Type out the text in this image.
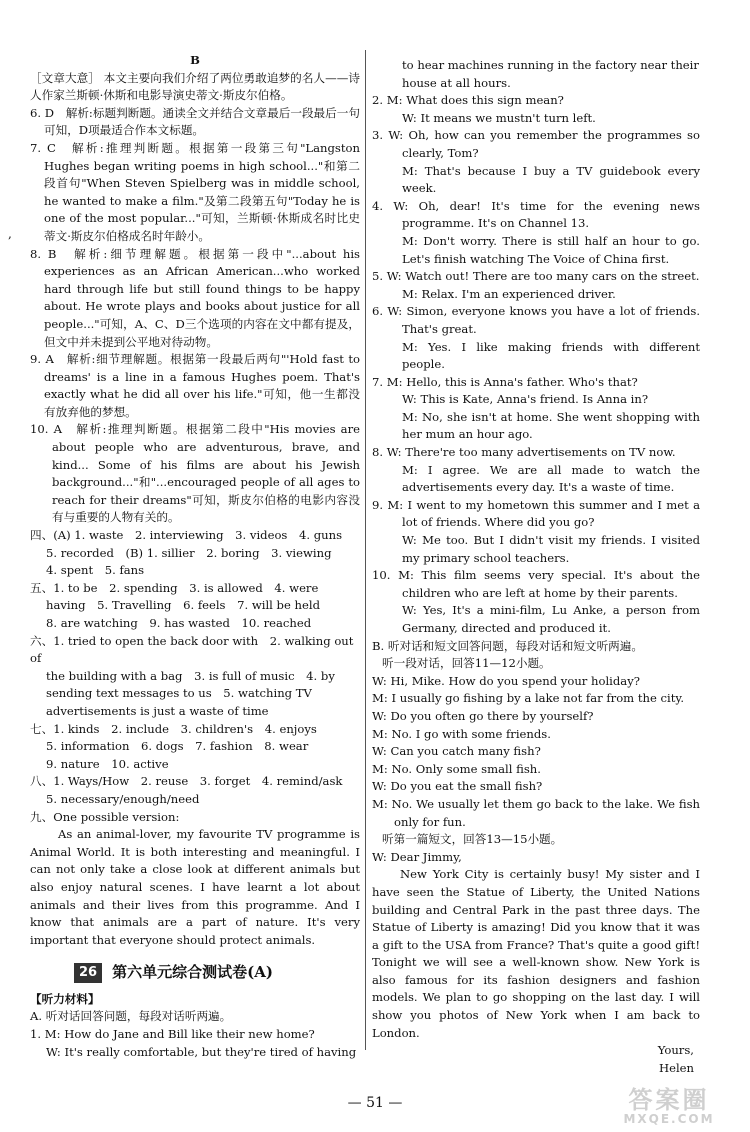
,

B

［文章大意］ 本文主要向我们介绍了两位勇敢追梦的名人——诗人作家兰斯顿·休斯和电影导演史蒂文·斯皮尔伯格。

6. D　解析:标题判断题。通读全文并结合文章最后一段最后一句可知，D项最适合作本文标题。

7. C　解析:推理判断题。根据第一段第三句"Langston Hughes began writing poems in high school..."和第二段首句"When Steven Spielberg was in middle school, he wanted to make a film."及第二段第五句"Today he is one of the most popular..."可知，兰斯顿·休斯成名时比史蒂文·斯皮尔伯格成名时年龄小。

8. B　解析:细节理解题。根据第一段中"...about his experiences as an African American...who worked hard through life but still found things to be happy about. He wrote plays and books about justice for all people..."可知，A、C、D三个选项的内容在文中都有提及，但文中并未提到公平地对待动物。

9. A　解析:细节理解题。根据第一段最后两句"'Hold fast to dreams' is a line in a famous Hughes poem. That's exactly what he did all over his life."可知，他一生都没有放弃他的梦想。

10. A　解析:推理判断题。根据第二段中"His movies are about people who are adventurous, brave, and kind... Some of his films are about his Jewish background..."和"...encouraged people of all ages to reach for their dreams"可知，斯皮尔伯格的电影内容没有与重要的人物有关的。

四、(A) 1. waste　2. interviewing　3. videos　4. guns

5. recorded　(B) 1. sillier　2. boring　3. viewing

4. spent　5. fans

五、1. to be　2. spending　3. is allowed　4. were

having　5. Travelling　6. feels　7. will be held

8. are watching　9. has wasted　10. reached

六、1. tried to open the back door with　2. walking out of

the building with a bag　3. is full of music　4. by

sending text messages to us　5. watching TV

advertisements is just a waste of time

七、1. kinds　2. include　3. children's　4. enjoys

5. information　6. dogs　7. fashion　8. wear

9. nature　10. active

八、1. Ways/How　2. reuse　3. forget　4. remind/ask

5. necessary/enough/need

九、One possible version:

As an animal-lover, my favourite TV programme is Animal World. It is both interesting and meaningful. I can not only take a close look at different animals but also enjoy natural scenes. I have learnt a lot about animals and their lives from this programme. And I know that animals are a part of nature. It's very important that everyone should protect animals.

26	第六单元综合测试卷(A)

【听力材料】

A. 听对话回答问题，每段对话听两遍。

1. M: How do Jane and Bill like their new home?

W: It's really comfortable, but they're tired of having

to hear machines running in the factory near their

house at all hours.

2. M: What does this sign mean?

W: It means we mustn't turn left.

3. W: Oh, how can you remember the programmes so clearly, Tom?

M: That's because I buy a TV guidebook every week.

4. W: Oh, dear! It's time for the evening news programme. It's on Channel 13.

M: Don't worry. There is still half an hour to go. Let's finish watching The Voice of China first.

5. W: Watch out! There are too many cars on the street.

M: Relax. I'm an experienced driver.

6. W: Simon, everyone knows you have a lot of friends. That's great.

M: Yes. I like making friends with different people.

7. M: Hello, this is Anna's father. Who's that?

W: This is Kate, Anna's friend. Is Anna in?

M: No, she isn't at home. She went shopping with her mum an hour ago.

8. W: There're too many advertisements on TV now.

M: I agree. We are all made to watch the advertisements every day. It's a waste of time.

9. M: I went to my hometown this summer and I met a lot of friends. Where did you go?

W: Me too. But I didn't visit my friends. I visited my primary school teachers.

10. M: This film seems very special. It's about the children who are left at home by their parents.

W: Yes, It's a mini-film, Lu Anke, a person from Germany, directed and produced it.

B. 听对话和短文回答问题，每段对话和短文听两遍。

听一段对话，回答11—12小题。

W: Hi, Mike. How do you spend your holiday?

M: I usually go fishing by a lake not far from the city.

W: Do you often go there by yourself?

M: No. I go with some friends.

W: Can you catch many fish?

M: No. Only some small fish.

W: Do you eat the small fish?

M: No. We usually let them go back to the lake. We fish only for fun.

听第一篇短文，回答13—15小题。

W: Dear Jimmy,

New York City is certainly busy! My sister and I have seen the Statue of Liberty, the United Nations building and Central Park in the past three days. The Statue of Liberty is amazing! Did you know that it was a gift to the USA from France? That's quite a good gift! Tonight we will see a well-known show. New York is also famous for its fashion designers and fashion models. We plan to go shopping on the last day. I will show you photos of New York when I am back to London.

Yours,

Helen

— 51 —	答案圈
MXQE.COM
